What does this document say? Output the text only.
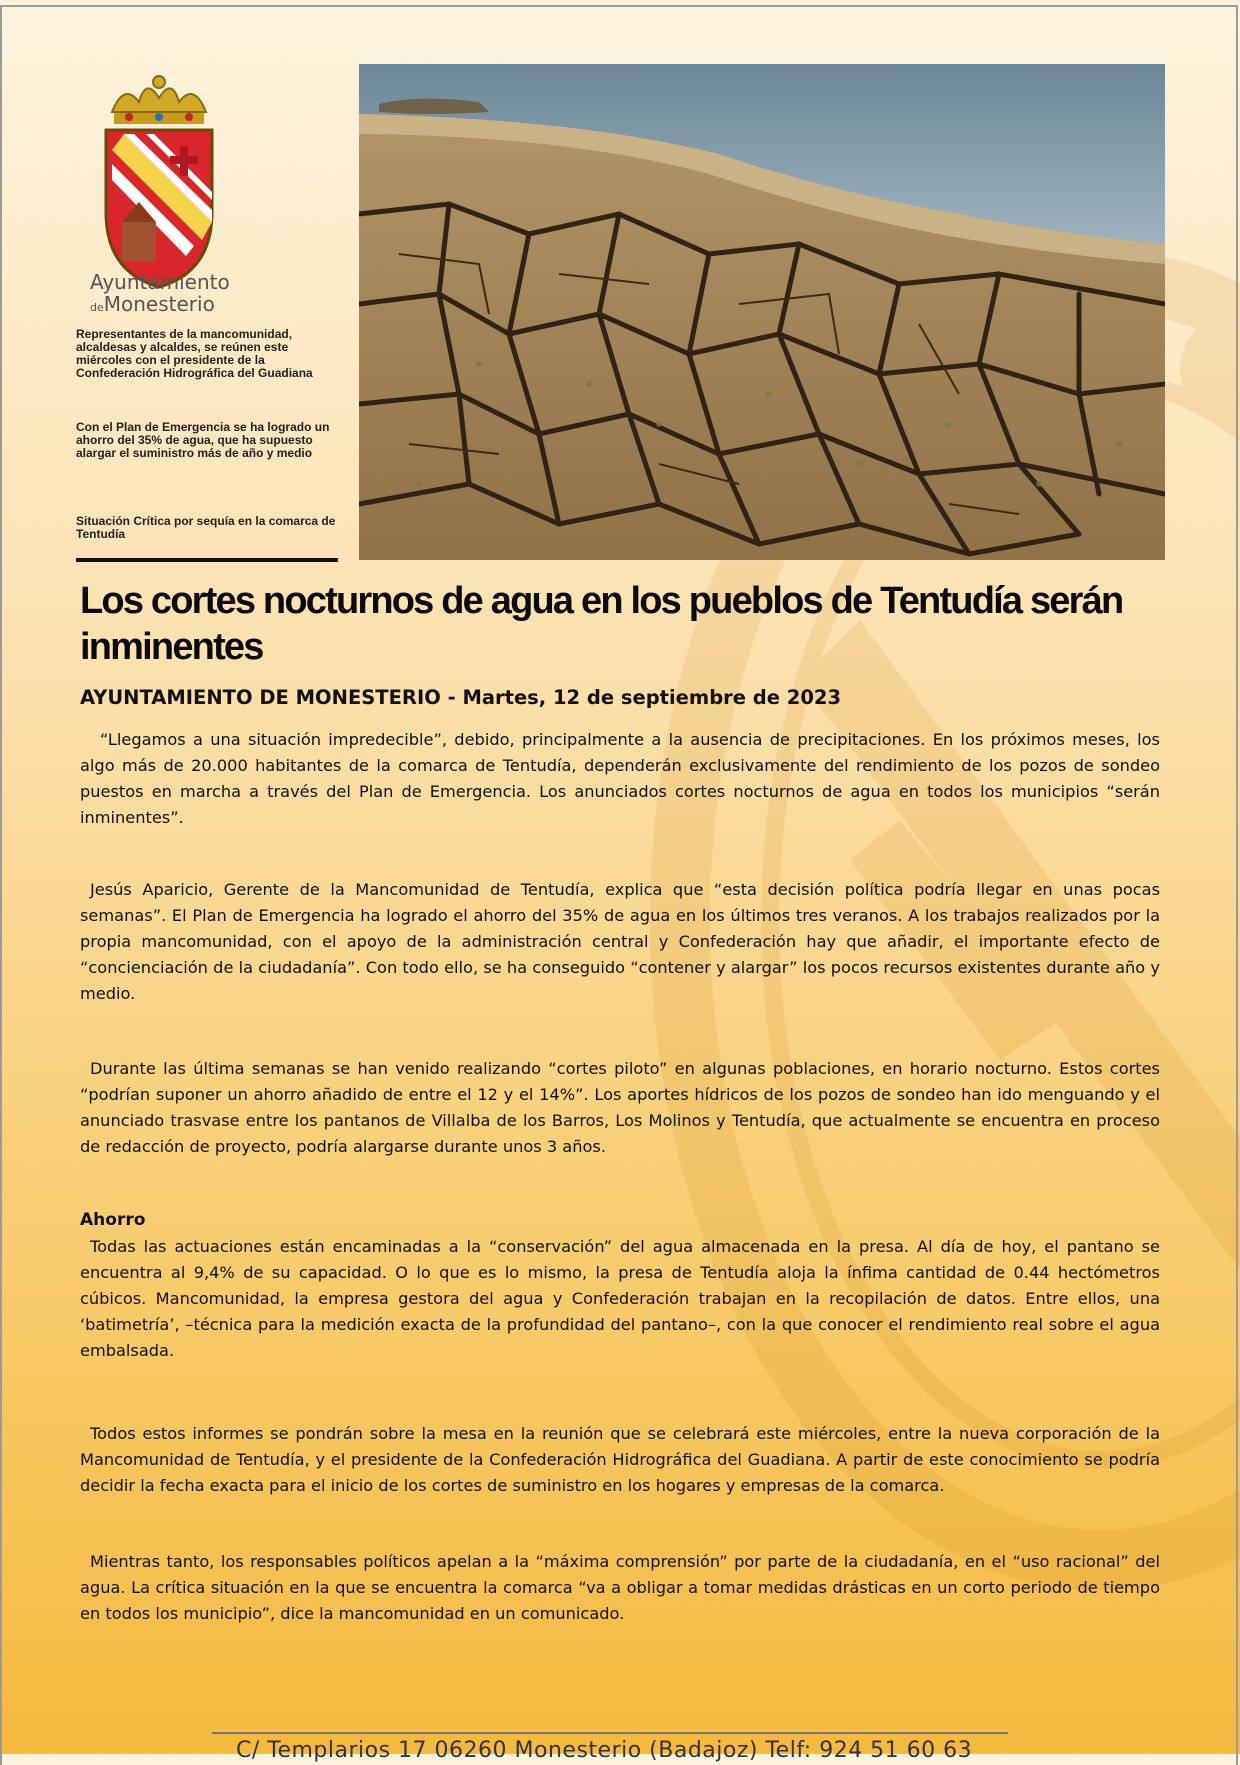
Ayuntamiento
deMonesterio
Representantes de la mancomunidad, alcaldesas y alcaldes, se reúnen este miércoles con el presidente de la Confederación Hidrográfica del Guadiana
Con el Plan de Emergencia se ha logrado un ahorro del 35% de agua, que ha supuesto alargar el suministro más de año y medio
Situación Crítica por sequía en la comarca de Tentudía
Los cortes nocturnos de agua en los pueblos de Tentudía serán inminentes

AYUNTAMIENTO DE MONESTERIO - Martes, 12 de septiembre de 2023

“Llegamos a una situación impredecible”, debido, principalmente a la ausencia de precipitaciones. En los próximos meses, los algo más de 20.000 habitantes de la comarca de Tentudía, dependerán exclusivamente del rendimiento de los pozos de sondeo puestos en marcha a través del Plan de Emergencia. Los anunciados cortes nocturnos de agua en todos los municipios “serán inminentes”.

Jesús Aparicio, Gerente de la Mancomunidad de Tentudía, explica que “esta decisión política podría llegar en unas pocas semanas”. El Plan de Emergencia ha logrado el ahorro del 35% de agua en los últimos tres veranos. A los trabajos realizados por la propia mancomunidad, con el apoyo de la administración central y Confederación hay que añadir, el importante efecto de “concienciación de la ciudadanía”. Con todo ello, se ha conseguido “contener y alargar” los pocos recursos existentes durante año y medio.

Durante las última semanas se han venido realizando “cortes piloto” en algunas poblaciones, en horario nocturno. Estos cortes “podrían suponer un ahorro añadido de entre el 12 y el 14%”. Los aportes hídricos de los pozos de sondeo han ido menguando y el anunciado trasvase entre los pantanos de Villalba de los Barros, Los Molinos y Tentudía, que actualmente se encuentra en proceso de redacción de proyecto, podría alargarse durante unos 3 años.

Ahorro

Todas las actuaciones están encaminadas a la “conservación” del agua almacenada en la presa. Al día de hoy, el pantano se encuentra al 9,4% de su capacidad. O lo que es lo mismo, la presa de Tentudía aloja la ínfima cantidad de 0.44 hectómetros cúbicos. Mancomunidad, la empresa gestora del agua y Confederación trabajan en la recopilación de datos. Entre ellos, una ‘batimetría’, –técnica para la medición exacta de la profundidad del pantano–, con la que conocer el rendimiento real sobre el agua embalsada.

Todos estos informes se pondrán sobre la mesa en la reunión que se celebrará este miércoles, entre la nueva corporación de la Mancomunidad de Tentudía, y el presidente de la Confederación Hidrográfica del Guadiana. A partir de este conocimiento se podría decidir la fecha exacta para el inicio de los cortes de suministro en los hogares y empresas de la comarca.

Mientras tanto, los responsables políticos apelan a la “máxima comprensión” por parte de la ciudadanía, en el “uso racional” del agua. La crítica situación en la que se encuentra la comarca “va a obligar a tomar medidas drásticas en un corto periodo de tiempo en todos los municipio”, dice la mancomunidad en un comunicado.

C/ Templarios 17 06260 Monesterio (Badajoz) Telf: 924 51 60 63
